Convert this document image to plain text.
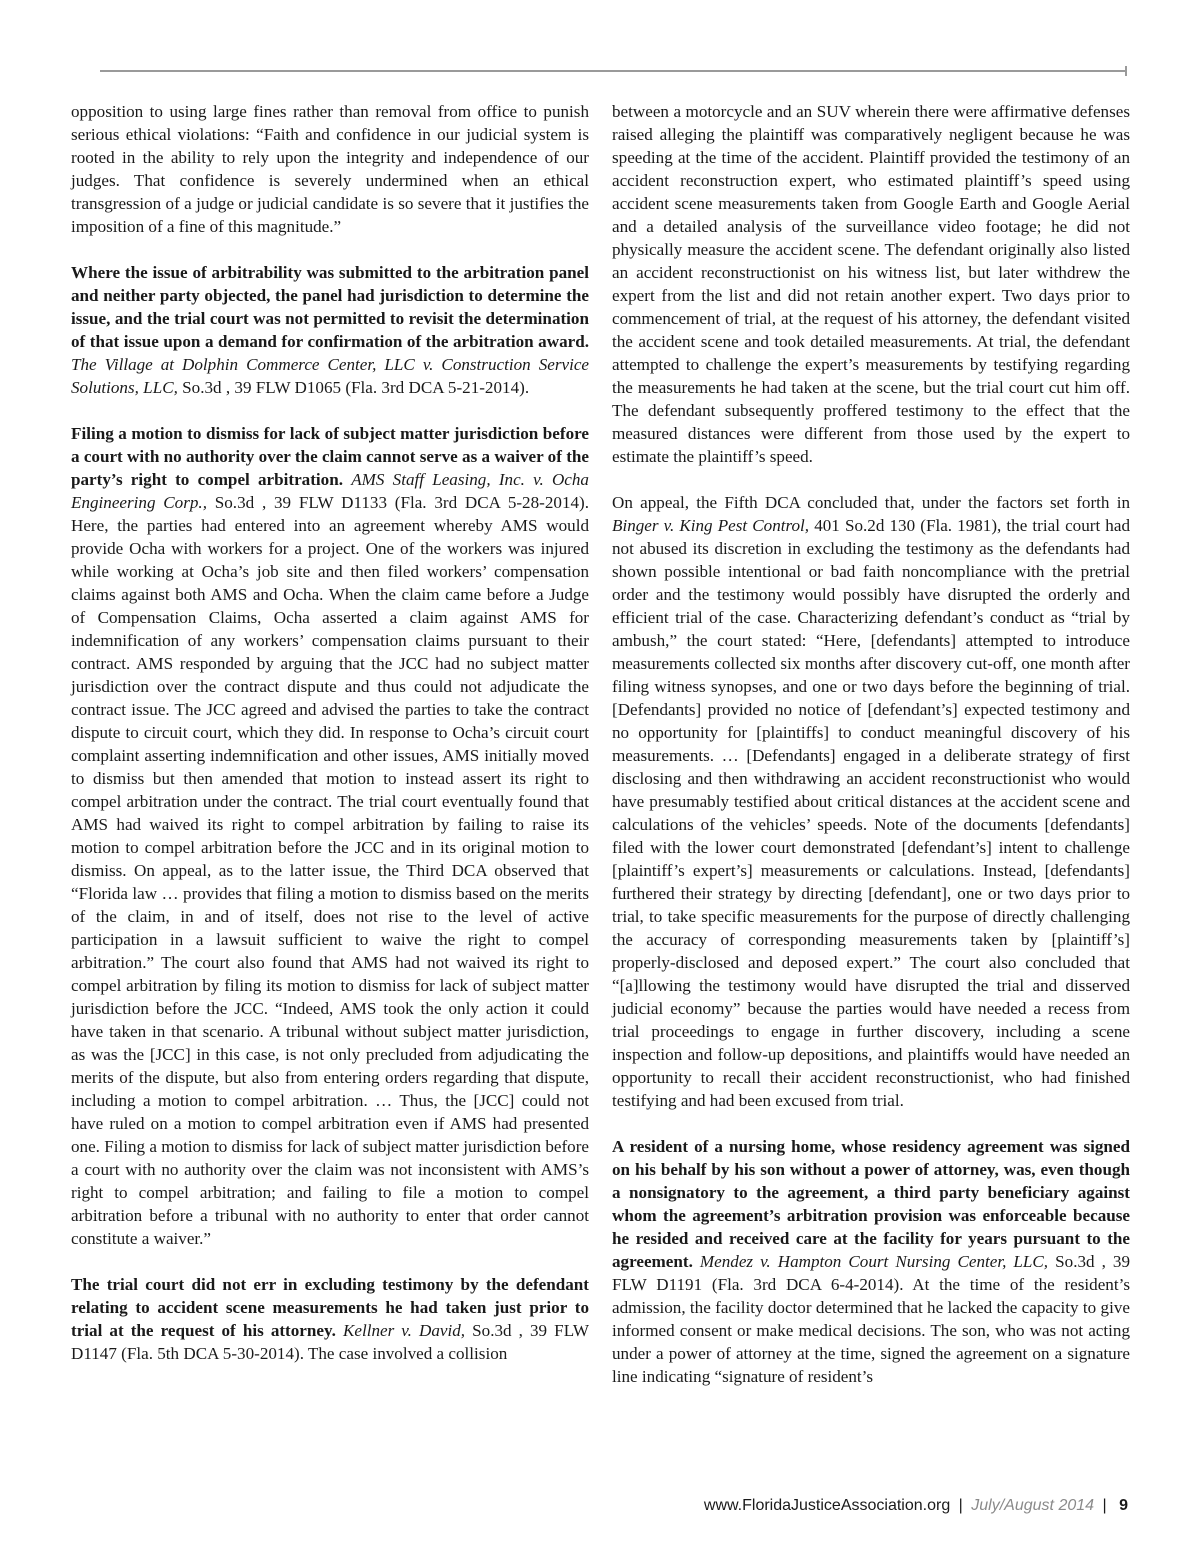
opposition to using large fines rather than removal from office to punish serious ethical violations: “Faith and confidence in our judicial system is rooted in the ability to rely upon the integrity and independence of our judges. That confidence is severely undermined when an ethical transgression of a judge or judicial candidate is so severe that it justifies the imposition of a fine of this magnitude.”

Where the issue of arbitrability was submitted to the arbitration panel and neither party objected, the panel had jurisdiction to determine the issue, and the trial court was not permitted to revisit the determination of that issue upon a demand for confirmation of the arbitration award. The Village at Dolphin Commerce Center, LLC v. Construction Service Solutions, LLC, So.3d , 39 FLW D1065 (Fla. 3rd DCA 5-21-2014).

Filing a motion to dismiss for lack of subject matter jurisdiction before a court with no authority over the claim cannot serve as a waiver of the party’s right to compel arbitration. AMS Staff Leasing, Inc. v. Ocha Engineering Corp., So.3d , 39 FLW D1133 (Fla. 3rd DCA 5-28-2014). Here, the parties had entered into an agreement whereby AMS would provide Ocha with workers for a project. One of the workers was injured while working at Ocha’s job site and then filed workers’ compensation claims against both AMS and Ocha. When the claim came before a Judge of Compensation Claims, Ocha asserted a claim against AMS for indemnification of any workers’ compensation claims pursuant to their contract. AMS responded by arguing that the JCC had no subject matter jurisdiction over the contract dispute and thus could not adjudicate the contract issue. The JCC agreed and advised the parties to take the contract dispute to circuit court, which they did. In response to Ocha’s circuit court complaint asserting indemnification and other issues, AMS initially moved to dismiss but then amended that motion to instead assert its right to compel arbitration under the contract. The trial court eventually found that AMS had waived its right to compel arbitration by failing to raise its motion to compel arbitration before the JCC and in its original motion to dismiss. On appeal, as to the latter issue, the Third DCA observed that “Florida law … provides that filing a motion to dismiss based on the merits of the claim, in and of itself, does not rise to the level of active participation in a lawsuit sufficient to waive the right to compel arbitration.” The court also found that AMS had not waived its right to compel arbitration by filing its motion to dismiss for lack of subject matter jurisdiction before the JCC. “Indeed, AMS took the only action it could have taken in that scenario. A tribunal without subject matter jurisdiction, as was the [JCC] in this case, is not only precluded from adjudicating the merits of the dispute, but also from entering orders regarding that dispute, including a motion to compel arbitration. … Thus, the [JCC] could not have ruled on a motion to compel arbitration even if AMS had presented one. Filing a motion to dismiss for lack of subject matter jurisdiction before a court with no authority over the claim was not inconsistent with AMS’s right to compel arbitration; and failing to file a motion to compel arbitration before a tribunal with no authority to enter that order cannot constitute a waiver.”

The trial court did not err in excluding testimony by the defendant relating to accident scene measurements he had taken just prior to trial at the request of his attorney. Kellner v. David, So.3d , 39 FLW D1147 (Fla. 5th DCA 5-30-2014). The case involved a collision

between a motorcycle and an SUV wherein there were affirmative defenses raised alleging the plaintiff was comparatively negligent because he was speeding at the time of the accident. Plaintiff provided the testimony of an accident reconstruction expert, who estimated plaintiff’s speed using accident scene measurements taken from Google Earth and Google Aerial and a detailed analysis of the surveillance video footage; he did not physically measure the accident scene. The defendant originally also listed an accident reconstructionist on his witness list, but later withdrew the expert from the list and did not retain another expert. Two days prior to commencement of trial, at the request of his attorney, the defendant visited the accident scene and took detailed measurements. At trial, the defendant attempted to challenge the expert’s measurements by testifying regarding the measurements he had taken at the scene, but the trial court cut him off. The defendant subsequently proffered testimony to the effect that the measured distances were different from those used by the expert to estimate the plaintiff’s speed.

On appeal, the Fifth DCA concluded that, under the factors set forth in Binger v. King Pest Control, 401 So.2d 130 (Fla. 1981), the trial court had not abused its discretion in excluding the testimony as the defendants had shown possible intentional or bad faith noncompliance with the pretrial order and the testimony would possibly have disrupted the orderly and efficient trial of the case. Characterizing defendant’s conduct as “trial by ambush,” the court stated: “Here, [defendants] attempted to introduce measurements collected six months after discovery cut-off, one month after filing witness synopses, and one or two days before the beginning of trial. [Defendants] provided no notice of [defendant’s] expected testimony and no opportunity for [plaintiffs] to conduct meaningful discovery of his measurements. … [Defendants] engaged in a deliberate strategy of first disclosing and then withdrawing an accident reconstructionist who would have presumably testified about critical distances at the accident scene and calculations of the vehicles’ speeds. Note of the documents [defendants] filed with the lower court demonstrated [defendant’s] intent to challenge [plaintiff’s expert’s] measurements or calculations. Instead, [defendants] furthered their strategy by directing [defendant], one or two days prior to trial, to take specific measurements for the purpose of directly challenging the accuracy of corresponding measurements taken by [plaintiff’s] properly-disclosed and deposed expert.” The court also concluded that “[a]llowing the testimony would have disrupted the trial and disserved judicial economy” because the parties would have needed a recess from trial proceedings to engage in further discovery, including a scene inspection and follow-up depositions, and plaintiffs would have needed an opportunity to recall their accident reconstructionist, who had finished testifying and had been excused from trial.

A resident of a nursing home, whose residency agreement was signed on his behalf by his son without a power of attorney, was, even though a nonsignatory to the agreement, a third party beneficiary against whom the agreement’s arbitration provision was enforceable because he resided and received care at the facility for years pursuant to the agreement. Mendez v. Hampton Court Nursing Center, LLC, So.3d , 39 FLW D1191 (Fla. 3rd DCA 6-4-2014). At the time of the resident’s admission, the facility doctor determined that he lacked the capacity to give informed consent or make medical decisions. The son, who was not acting under a power of attorney at the time, signed the agreement on a signature line indicating “signature of resident’s

www.FloridaJusticeAssociation.org | July/August 2014 | 9
